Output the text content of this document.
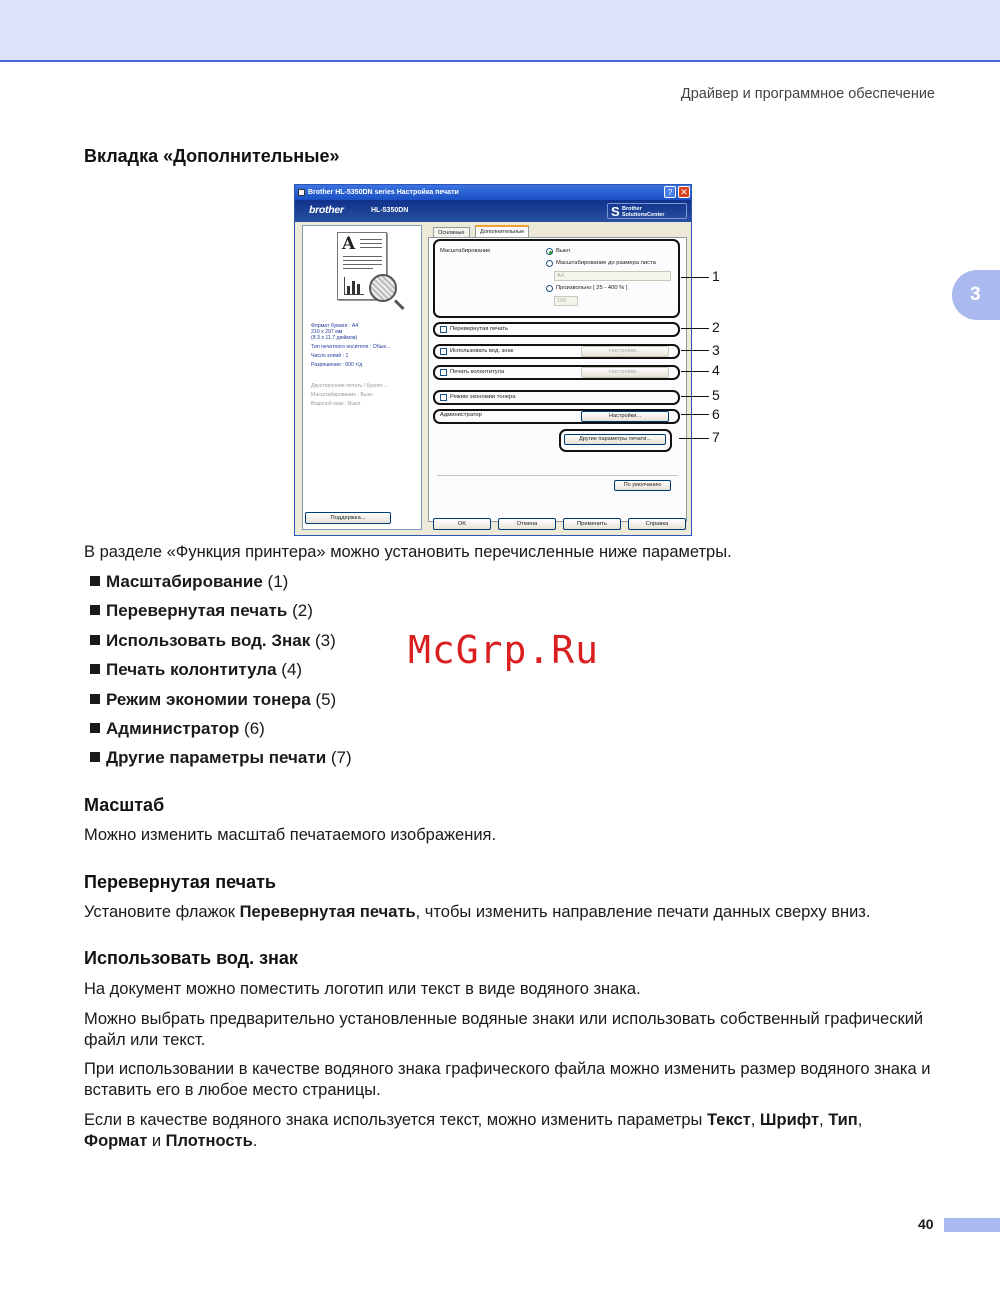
Драйвер и программное обеспечение
3
Вкладка «Дополнительные»
Brother HL-5350DN series Настройка печати	? ✕
brother	HL-5350DN	S Brother
SolutionsCenter
A
Формат бумаги : A4
210 x 297 мм
(8.3 x 11.7 дюймов)
Тип печатного носителя : Обык...
Число копий : 1
Разрешение : 600 т/д
Двусторонняя печать / Буклет ...
Масштабирование : Выкл
Водяной знак : Выкл
Поддержка...
Основные	Дополнительные
Масштабирование	Выкл
Масштабирование до размера листа
A4
Произвольно [ 25 - 400 % ]
100
Перевернутая печать
Использовать вод. знак	Настройки...
Печать колонтитула	Настройки...
Режим экономии тонера
Администратор	Настройки...
Другие параметры печати...
По умолчанию
OK	Отмена	Применить	Справка
1
2
3
4
5
6
7
В разделе «Функция принтера» можно установить перечисленные ниже параметры.
Масштабирование (1)
Перевернутая печать (2)
Использовать вод. Знак (3)
Печать колонтитула (4)
Режим экономии тонера (5)
Администратор (6)
Другие параметры печати (7)
McGrp.Ru
Масштаб
Можно изменить масштаб печатаемого изображения.
Перевернутая печать
Установите флажок Перевернутая печать, чтобы изменить направление печати данных сверху вниз.
Использовать вод. знак
На документ можно поместить логотип или текст в виде водяного знака.
Можно выбрать предварительно установленные водяные знаки или использовать собственный графический файл или текст.
При использовании в качестве водяного знака графического файла можно изменить размер водяного знака и вставить его в любое место страницы.
Если в качестве водяного знака используется текст, можно изменить параметры Текст, Шрифт, Тип,
Формат и Плотность.
40
